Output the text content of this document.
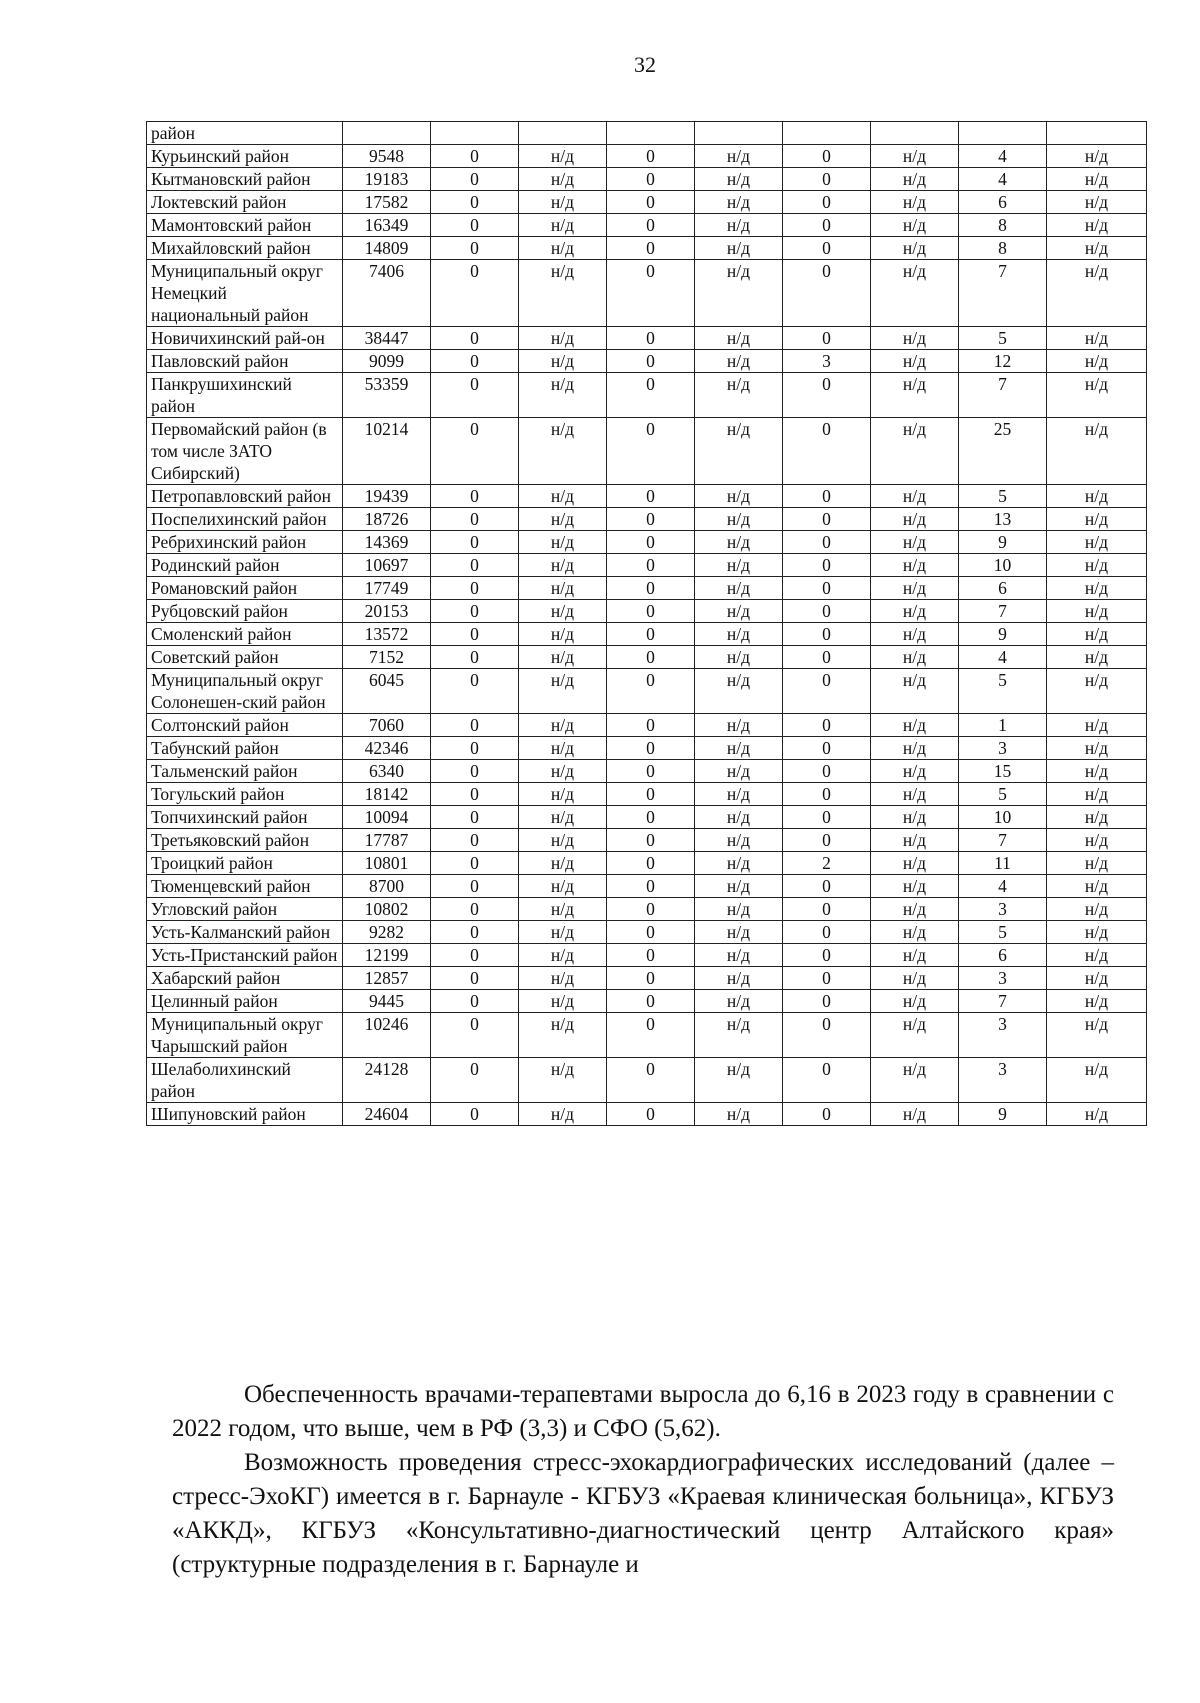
32
район									
Курьинский район	9548	0	н/д	0	н/д	0	н/д	4	н/д
Кытмановский район	19183	0	н/д	0	н/д	0	н/д	4	н/д
Локтевский район	17582	0	н/д	0	н/д	0	н/д	6	н/д
Мамонтовский район	16349	0	н/д	0	н/д	0	н/д	8	н/д
Михайловский район	14809	0	н/д	0	н/д	0	н/д	8	н/д
Муниципальный округ Немецкий национальный район	7406	0	н/д	0	н/д	0	н/д	7	н/д
Новичихинский рай-он	38447	0	н/д	0	н/д	0	н/д	5	н/д
Павловский район	9099	0	н/д	0	н/д	3	н/д	12	н/д
Панкрушихинский район	53359	0	н/д	0	н/д	0	н/д	7	н/д
Первомайский район (в том числе ЗАТО Сибирский)	10214	0	н/д	0	н/д	0	н/д	25	н/д
Петропавловский район	19439	0	н/д	0	н/д	0	н/д	5	н/д
Поспелихинский район	18726	0	н/д	0	н/д	0	н/д	13	н/д
Ребрихинский район	14369	0	н/д	0	н/д	0	н/д	9	н/д
Родинский район	10697	0	н/д	0	н/д	0	н/д	10	н/д
Романовский район	17749	0	н/д	0	н/д	0	н/д	6	н/д
Рубцовский район	20153	0	н/д	0	н/д	0	н/д	7	н/д
Смоленский район	13572	0	н/д	0	н/д	0	н/д	9	н/д
Советский район	7152	0	н/д	0	н/д	0	н/д	4	н/д
Муниципальный округ Солонешен-ский район	6045	0	н/д	0	н/д	0	н/д	5	н/д
Солтонский район	7060	0	н/д	0	н/д	0	н/д	1	н/д
Табунский район	42346	0	н/д	0	н/д	0	н/д	3	н/д
Тальменский район	6340	0	н/д	0	н/д	0	н/д	15	н/д
Тогульский район	18142	0	н/д	0	н/д	0	н/д	5	н/д
Топчихинский район	10094	0	н/д	0	н/д	0	н/д	10	н/д
Третьяковский район	17787	0	н/д	0	н/д	0	н/д	7	н/д
Троицкий район	10801	0	н/д	0	н/д	2	н/д	11	н/д
Тюменцевский район	8700	0	н/д	0	н/д	0	н/д	4	н/д
Угловский район	10802	0	н/д	0	н/д	0	н/д	3	н/д
Усть-Калманский район	9282	0	н/д	0	н/д	0	н/д	5	н/д
Усть-Пристанский район	12199	0	н/д	0	н/д	0	н/д	6	н/д
Хабарский район	12857	0	н/д	0	н/д	0	н/д	3	н/д
Целинный район	9445	0	н/д	0	н/д	0	н/д	7	н/д
Муниципальный округ Чарышский район	10246	0	н/д	0	н/д	0	н/д	3	н/д
Шелаболихинский район	24128	0	н/д	0	н/д	0	н/д	3	н/д
Шипуновский район	24604	0	н/д	0	н/д	0	н/д	9	н/д
Обеспеченность врачами-терапевтами выросла до 6,16 в 2023 году в сравнении с 2022 годом, что выше, чем в РФ (3,3) и СФО (5,62).
Возможность проведения стресс-эхокардиографических исследований (далее – стресс-ЭхоКГ) имеется в г. Барнауле - КГБУЗ «Краевая клиническая больница», КГБУЗ «АККД», КГБУЗ «Консультативно-диагностический центр Алтайского края» (структурные подразделения в г. Барнауле и
